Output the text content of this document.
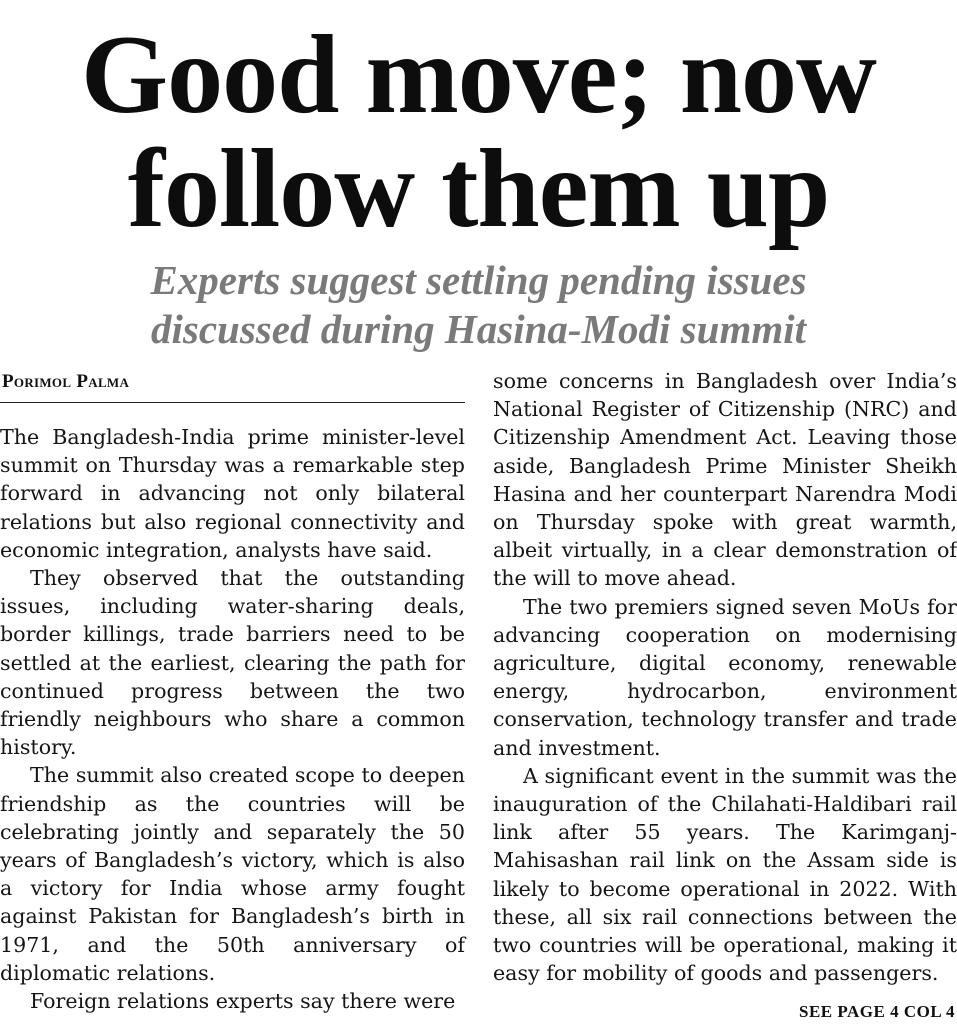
Good move; now
follow them up
Experts suggest settling pending issues
discussed during Hasina-Modi summit
Porimol Palma

The Bangladesh-India prime minister-level summit on Thursday was a remarkable step forward in advancing not only bilateral relations but also regional connectivity and economic integration, analysts have said.

They observed that the outstanding issues, including water-sharing deals, border killings, trade barriers need to be settled at the earliest, clearing the path for continued progress between the two friendly neighbours who share a common history.

The summit also created scope to deepen friendship as the countries will be celebrating jointly and separately the 50 years of Bangladesh’s victory, which is also a victory for India whose army fought against Pakistan for Bangladesh’s birth in 1971, and the 50th anniversary of diplomatic relations.

Foreign relations experts say there were

some concerns in Bangladesh over India’s National Register of Citizenship (NRC) and Citizenship Amendment Act. Leaving those aside, Bangladesh Prime Minister Sheikh Hasina and her counterpart Narendra Modi on Thursday spoke with great warmth, albeit virtually, in a clear demonstration of the will to move ahead.

The two premiers signed seven MoUs for advancing cooperation on modernising agriculture, digital economy, renewable energy, hydrocarbon, environment conservation, technology transfer and trade and investment.

A significant event in the summit was the inauguration of the Chilahati-Haldibari rail link after 55 years. The Karimganj-Mahisashan rail link on the Assam side is likely to become operational in 2022. With these, all six rail connections between the two countries will be operational, making it easy for mobility of goods and passengers.

SEE PAGE 4 COL 4
